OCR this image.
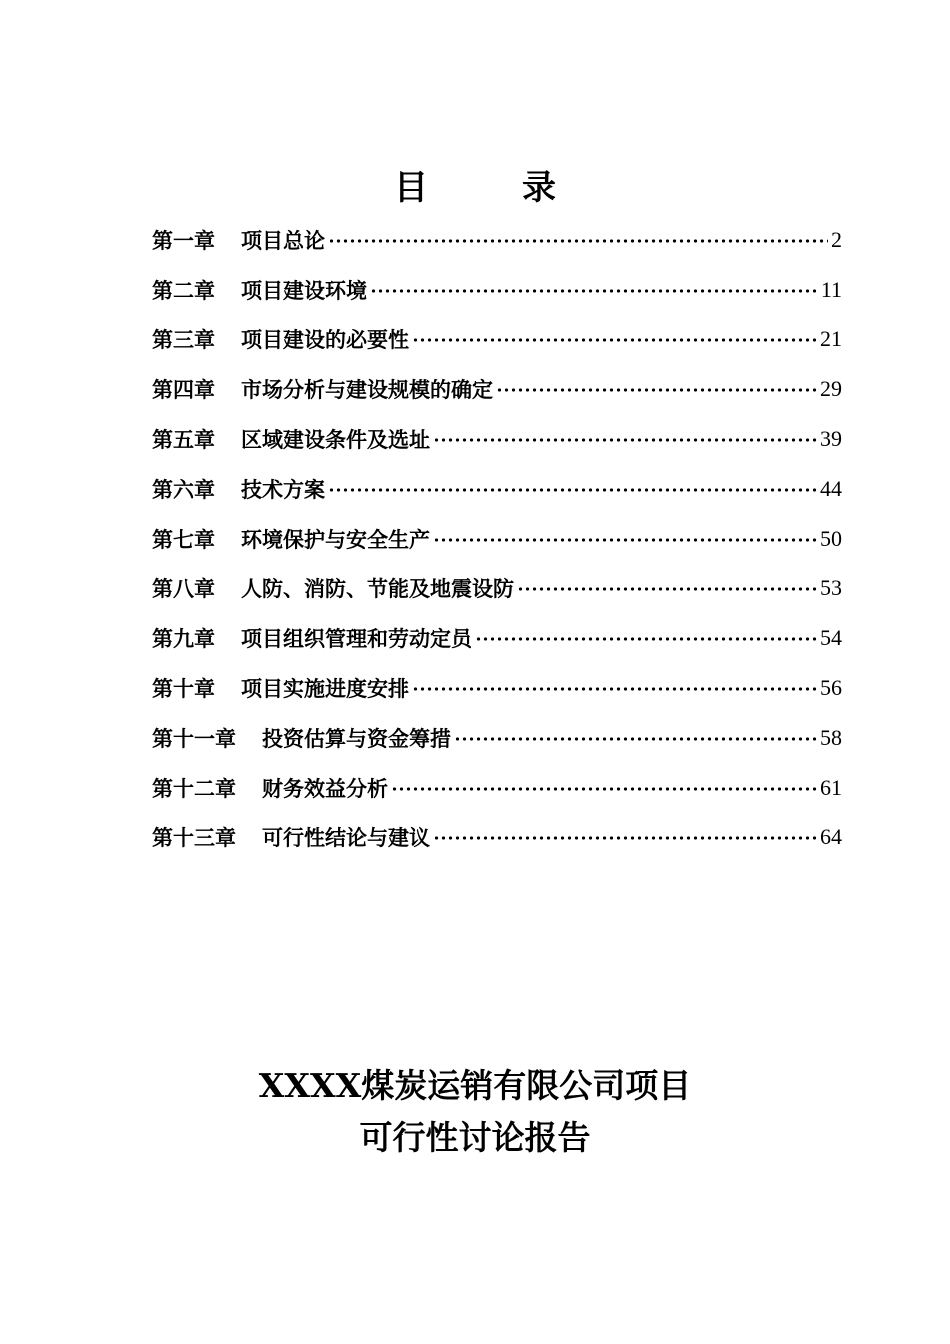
目　录
第一章 项目总论	2
第二章 项目建设环境	11
第三章 项目建设的必要性	21
第四章 市场分析与建设规模的确定	29
第五章 区域建设条件及选址	39
第六章 技术方案	44
第七章 环境保护与安全生产	50
第八章 人防、消防、节能及地震设防	53
第九章 项目组织管理和劳动定员	54
第十章 项目实施进度安排	56
第十一章 投资估算与资金筹措	58
第十二章 财务效益分析	61
第十三章 可行性结论与建议	64
XXXX煤炭运销有限公司项目
可行性讨论报告
